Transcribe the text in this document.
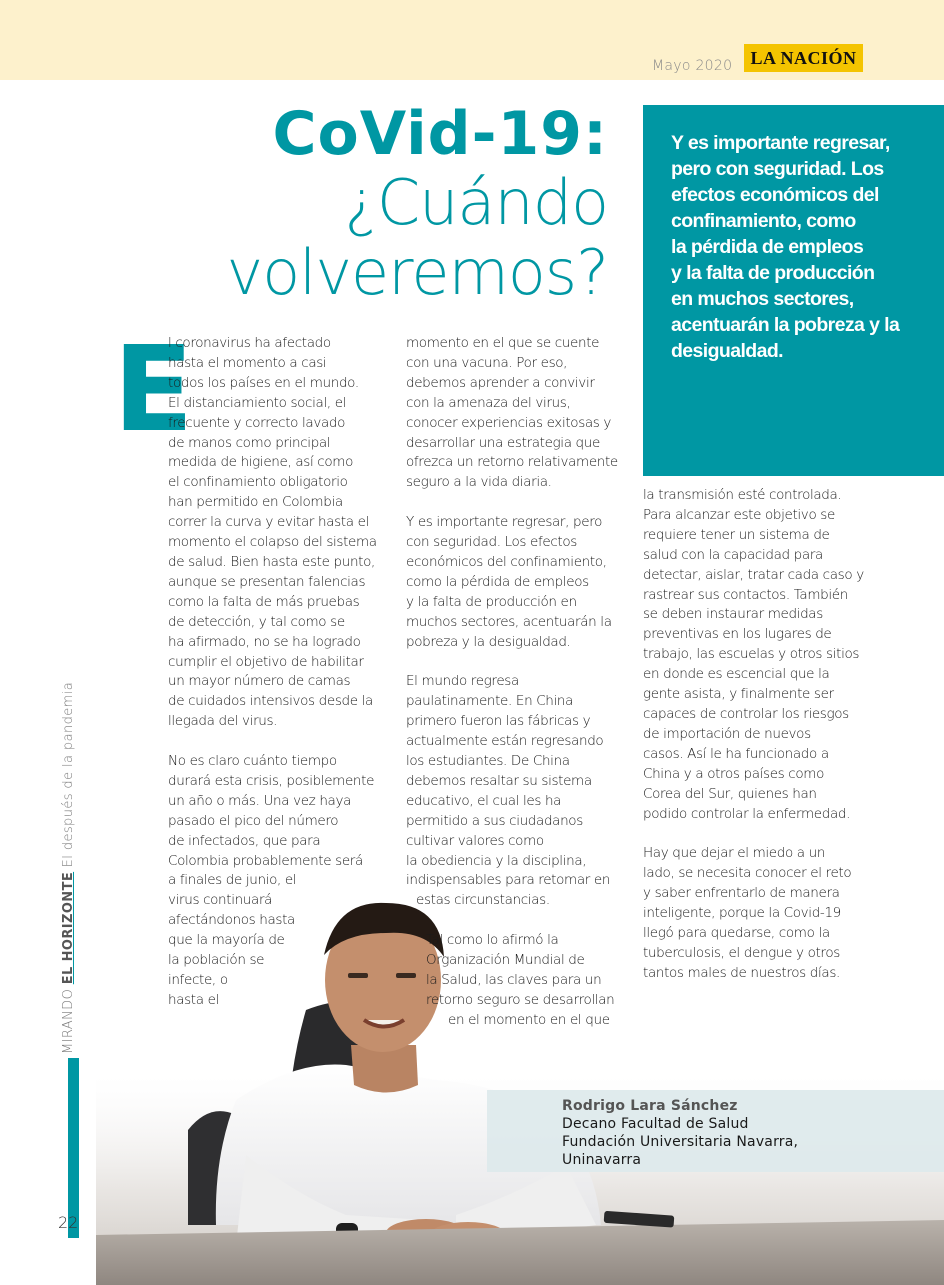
Mayo 2020 LA NACIÓN
CoVid-19:
¿Cuándo
volveremos?
Y es importante regresar,
pero con seguridad. Los
efectos económicos del
confinamiento, como
la pérdida de empleos
y la falta de producción
en muchos sectores,
acentuarán la pobreza y la
desigualdad.
MIRANDO EL HORIZONTE El después de la pandemia
22
E

l coronavirus ha afectado
hasta el momento a casi
todos los países en el mundo.
El distanciamiento social, el
frecuente y correcto lavado
de manos como principal
medida de higiene, así como
el confinamiento obligatorio
han permitido en Colombia
correr la curva y evitar hasta el
momento el colapso del sistema
de salud. Bien hasta este punto,
aunque se presentan falencias
como la falta de más pruebas
de detección, y tal como se
ha afirmado, no se ha logrado
cumplir el objetivo de habilitar
un mayor número de camas
de cuidados intensivos desde la
llegada del virus.

No es claro cuánto tiempo
durará esta crisis, posiblemente
un año o más. Una vez haya
pasado el pico del número
de infectados, que para
Colombia probablemente será
a finales de junio, el
virus continuará
afectándonos hasta
que la mayoría de
la población se
infecte, o
hasta el

momento en el que se cuente
con una vacuna. Por eso,
debemos aprender a convivir
con la amenaza del virus,
conocer experiencias exitosas y
desarrollar una estrategia que
ofrezca un retorno relativamente
seguro a la vida diaria.

Y es importante regresar, pero
con seguridad. Los efectos
económicos del confinamiento,
como la pérdida de empleos
y la falta de producción en
muchos sectores, acentuarán la
pobreza y la desigualdad.

El mundo regresa
paulatinamente. En China
primero fueron las fábricas y
actualmente están regresando
los estudiantes. De China
debemos resaltar su sistema
educativo, el cual les ha
permitido a sus ciudadanos
cultivar valores como
la obediencia y la disciplina,
indispensables para retomar en
estas circunstancias.

Tal como lo afirmó la
Organización Mundial de
la Salud, las claves para un
retorno seguro se desarrollan
en el momento en el que

la transmisión esté controlada.
Para alcanzar este objetivo se
requiere tener un sistema de
salud con la capacidad para
detectar, aislar, tratar cada caso y
rastrear sus contactos. También
se deben instaurar medidas
preventivas en los lugares de
trabajo, las escuelas y otros sitios
en donde es escencial que la
gente asista, y finalmente ser
capaces de controlar los riesgos
de importación de nuevos
casos. Así le ha funcionado a
China y a otros países como
Corea del Sur, quienes han
podido controlar la enfermedad.

Hay que dejar el miedo a un
lado, se necesita conocer el reto
y saber enfrentarlo de manera
inteligente, porque la Covid-19
llegó para quedarse, como la
tuberculosis, el dengue y otros
tantos males de nuestros días.

Rodrigo Lara Sánchez
Decano Facultad de Salud
Fundación Universitaria Navarra,
Uninavarra
